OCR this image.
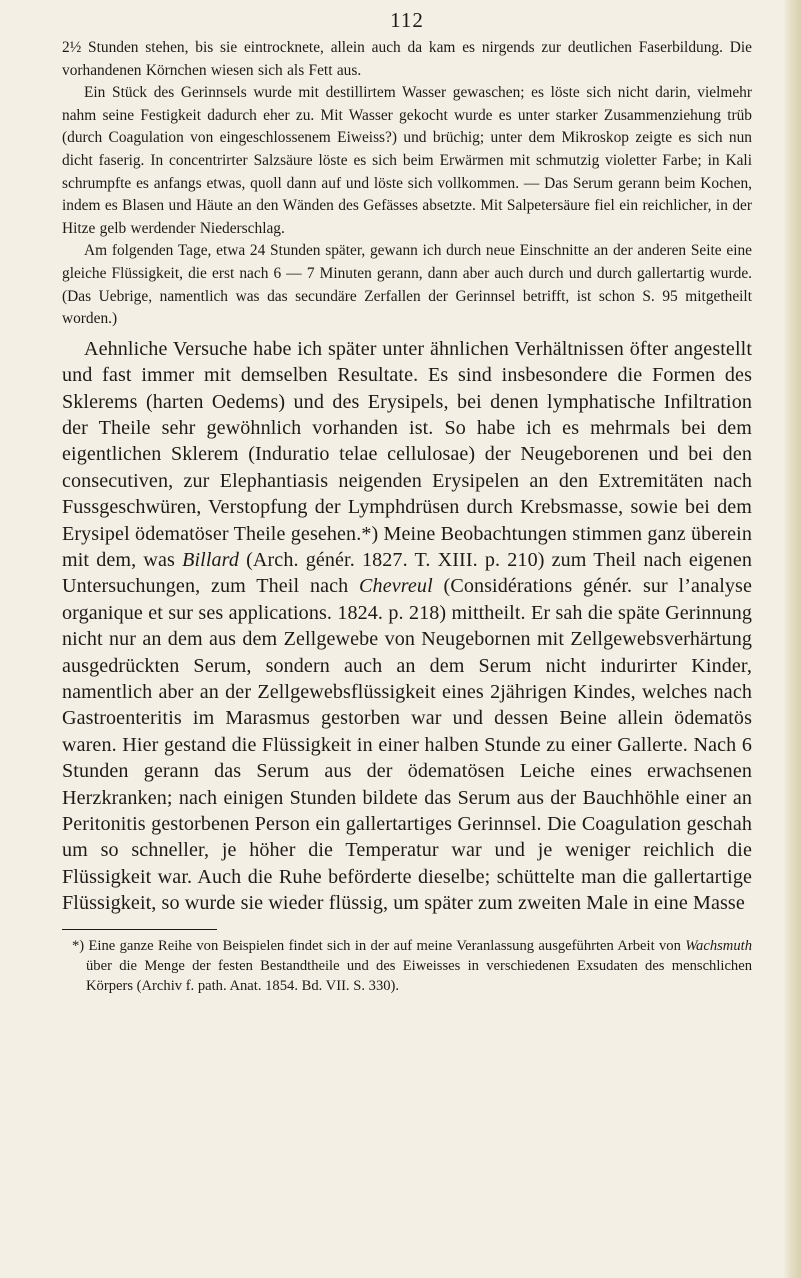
112

2½ Stunden stehen, bis sie eintrocknete, allein auch da kam es nirgends zur deutlichen Faserbildung. Die vorhandenen Körnchen wiesen sich als Fett aus.

Ein Stück des Gerinnsels wurde mit destillirtem Wasser gewaschen; es löste sich nicht darin, vielmehr nahm seine Festigkeit dadurch eher zu. Mit Wasser gekocht wurde es unter starker Zusammenziehung trüb (durch Coagulation von eingeschlossenem Eiweiss?) und brüchig; unter dem Mikroskop zeigte es sich nun dicht faserig. In concentrirter Salzsäure löste es sich beim Erwärmen mit schmutzig violetter Farbe; in Kali schrumpfte es anfangs etwas, quoll dann auf und löste sich vollkommen. — Das Serum gerann beim Kochen, indem es Blasen und Häute an den Wänden des Gefässes absetzte. Mit Salpetersäure fiel ein reichlicher, in der Hitze gelb werdender Niederschlag.

Am folgenden Tage, etwa 24 Stunden später, gewann ich durch neue Einschnitte an der anderen Seite eine gleiche Flüssigkeit, die erst nach 6 — 7 Minuten gerann, dann aber auch durch und durch gallertartig wurde. (Das Uebrige, namentlich was das secundäre Zerfallen der Gerinnsel betrifft, ist schon S. 95 mitgetheilt worden.)

Aehnliche Versuche habe ich später unter ähnlichen Verhältnissen öfter angestellt und fast immer mit demselben Resultate. Es sind insbesondere die Formen des Sklerems (harten Oedems) und des Erysipels, bei denen lymphatische Infiltration der Theile sehr gewöhnlich vorhanden ist. So habe ich es mehrmals bei dem eigentlichen Sklerem (Induratio telae cellulosae) der Neugeborenen und bei den consecutiven, zur Elephantiasis neigenden Erysipelen an den Extremitäten nach Fussgeschwüren, Verstopfung der Lymphdrüsen durch Krebsmasse, sowie bei dem Erysipel ödematöser Theile gesehen.*) Meine Beobachtungen stimmen ganz überein mit dem, was Billard (Arch. génér. 1827. T. XIII. p. 210) zum Theil nach eigenen Untersuchungen, zum Theil nach Chevreul (Considérations génér. sur l’analyse organique et sur ses applications. 1824. p. 218) mittheilt. Er sah die späte Gerinnung nicht nur an dem aus dem Zellgewebe von Neugebornen mit Zellgewebsverhärtung ausgedrückten Serum, sondern auch an dem Serum nicht indurirter Kinder, namentlich aber an der Zellgewebsflüssigkeit eines 2jährigen Kindes, welches nach Gastroenteritis im Marasmus gestorben war und dessen Beine allein ödematös waren. Hier gestand die Flüssigkeit in einer halben Stunde zu einer Gallerte. Nach 6 Stunden gerann das Serum aus der ödematösen Leiche eines erwachsenen Herzkranken; nach einigen Stunden bildete das Serum aus der Bauchhöhle einer an Peritonitis gestorbenen Person ein gallertartiges Gerinnsel. Die Coagulation geschah um so schneller, je höher die Temperatur war und je weniger reichlich die Flüssigkeit war. Auch die Ruhe beförderte dieselbe; schüttelte man die gallertartige Flüssigkeit, so wurde sie wieder flüssig, um später zum zweiten Male in eine Masse

*) Eine ganze Reihe von Beispielen findet sich in der auf meine Veranlassung ausgeführten Arbeit von Wachsmuth über die Menge der festen Bestandtheile und des Eiweisses in verschiedenen Exsudaten des menschlichen Körpers (Archiv f. path. Anat. 1854. Bd. VII. S. 330).
